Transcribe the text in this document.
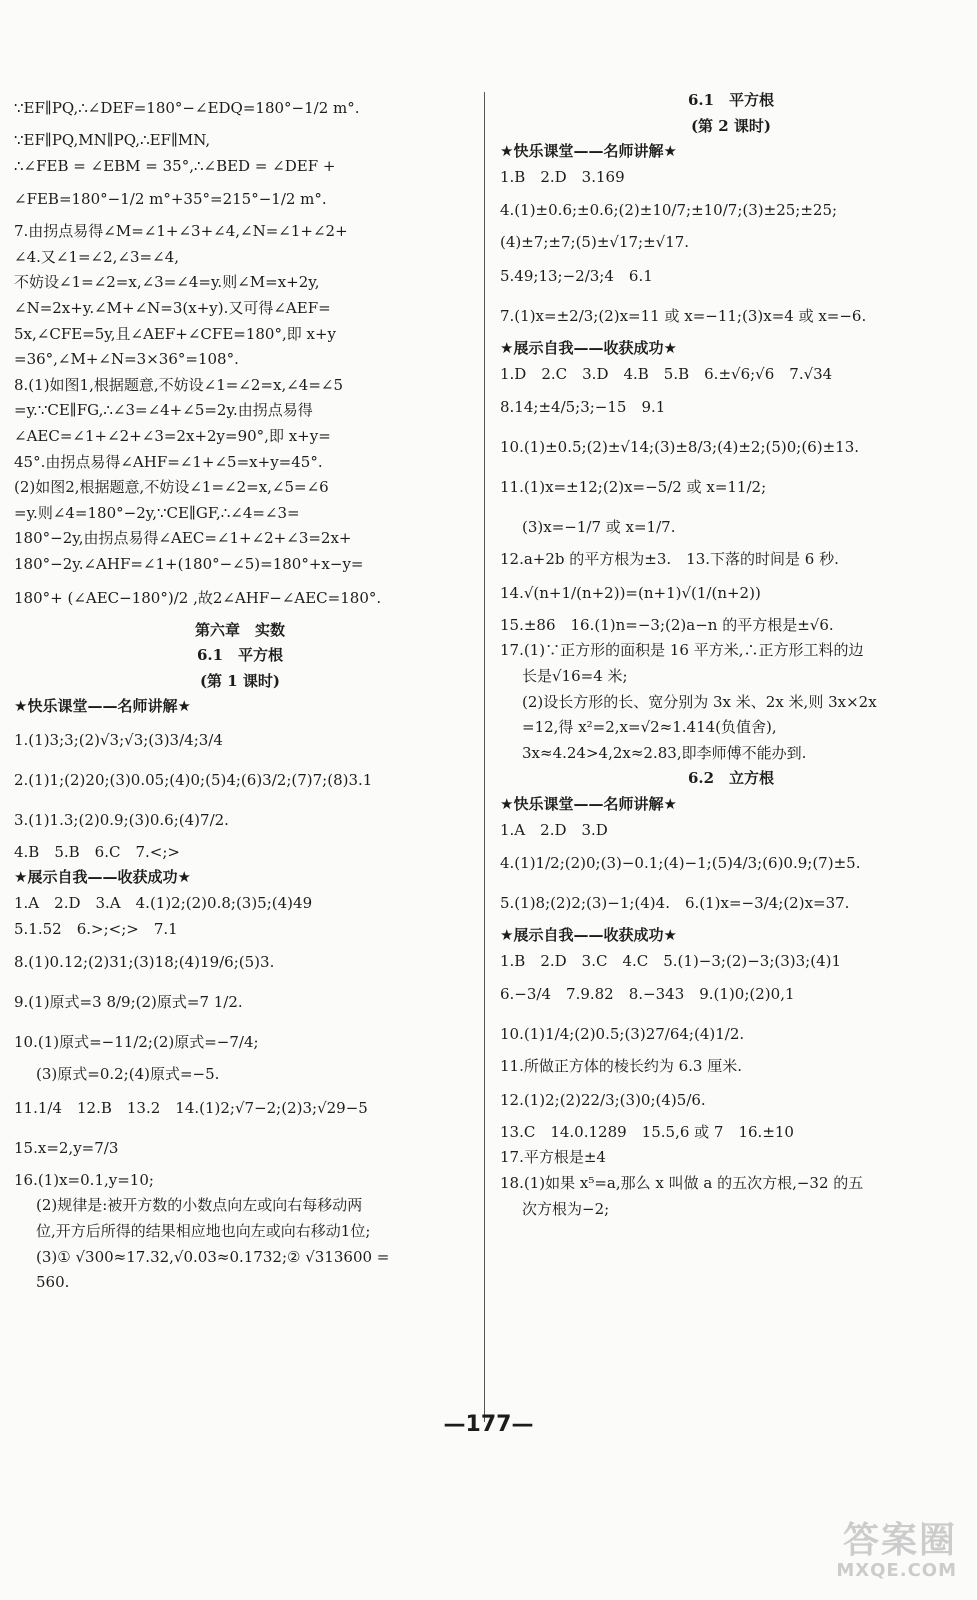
∵EF∥PQ,∴∠DEF=180°−∠EDQ=180°−1/2 m°.
∵EF∥PQ,MN∥PQ,∴EF∥MN,
∴∠FEB = ∠EBM = 35°,∴∠BED = ∠DEF +
∠FEB=180°−1/2 m°+35°=215°−1/2 m°.
7.由拐点易得∠M=∠1+∠3+∠4,∠N=∠1+∠2+
∠4.又∠1=∠2,∠3=∠4,
不妨设∠1=∠2=x,∠3=∠4=y.则∠M=x+2y,
∠N=2x+y.∠M+∠N=3(x+y).又可得∠AEF=
5x,∠CFE=5y,且∠AEF+∠CFE=180°,即 x+y
=36°,∠M+∠N=3×36°=108°.
8.(1)如图1,根据题意,不妨设∠1=∠2=x,∠4=∠5
=y.∵CE∥FG,∴∠3=∠4+∠5=2y.由拐点易得
∠AEC=∠1+∠2+∠3=2x+2y=90°,即 x+y=
45°.由拐点易得∠AHF=∠1+∠5=x+y=45°.
(2)如图2,根据题意,不妨设∠1=∠2=x,∠5=∠6
=y.则∠4=180°−2y,∵CE∥GF,∴∠4=∠3=
180°−2y,由拐点易得∠AEC=∠1+∠2+∠3=2x+
180°−2y.∠AHF=∠1+(180°−∠5)=180°+x−y=
180°+ (∠AEC−180°)/2 ,故2∠AHF−∠AEC=180°.
第六章　实数
6.1　平方根
(第 1 课时)
★快乐课堂——名师讲解★
1.(1)3;3;(2)√3;√3;(3)3/4;3/4
2.(1)1;(2)20;(3)0.05;(4)0;(5)4;(6)3/2;(7)7;(8)3.1
3.(1)1.3;(2)0.9;(3)0.6;(4)7/2.
4.B　5.B　6.C　7.<;>
★展示自我——收获成功★
1.A　2.D　3.A　4.(1)2;(2)0.8;(3)5;(4)49
5.1.52　6.>;<;>　7.1
8.(1)0.12;(2)31;(3)18;(4)19/6;(5)3.
9.(1)原式=3 8/9;(2)原式=7 1/2.
10.(1)原式=−11/2;(2)原式=−7/4;
(3)原式=0.2;(4)原式=−5.
11.1/4　12.B　13.2　14.(1)2;√7−2;(2)3;√29−5
15.x=2,y=7/3
16.(1)x=0.1,y=10;
(2)规律是:被开方数的小数点向左或向右每移动两
位,开方后所得的结果相应地也向左或向右移动1位;
(3)① √300≈17.32,√0.03≈0.1732;② √313600 =
560.
6.1　平方根
(第 2 课时)
★快乐课堂——名师讲解★
1.B　2.D　3.169
4.(1)±0.6;±0.6;(2)±10/7;±10/7;(3)±25;±25;
(4)±7;±7;(5)±√17;±√17.
5.49;13;−2/3;4　6.1
7.(1)x=±2/3;(2)x=11 或 x=−11;(3)x=4 或 x=−6.
★展示自我——收获成功★
1.D　2.C　3.D　4.B　5.B　6.±√6;√6　7.√34
8.14;±4/5;3;−15　9.1
10.(1)±0.5;(2)±√14;(3)±8/3;(4)±2;(5)0;(6)±13.
11.(1)x=±12;(2)x=−5/2 或 x=11/2;
(3)x=−1/7 或 x=1/7.
12.a+2b 的平方根为±3.　13.下落的时间是 6 秒.
14.√(n+1/(n+2))=(n+1)√(1/(n+2))
15.±86　16.(1)n=−3;(2)a−n 的平方根是±√6.
17.(1)∵正方形的面积是 16 平方米,∴正方形工料的边
长是√16=4 米;
(2)设长方形的长、宽分别为 3x 米、2x 米,则 3x×2x
=12,得 x²=2,x=√2≈1.414(负值舍),
3x≈4.24>4,2x≈2.83,即李师傅不能办到.
6.2　立方根
★快乐课堂——名师讲解★
1.A　2.D　3.D
4.(1)1/2;(2)0;(3)−0.1;(4)−1;(5)4/3;(6)0.9;(7)±5.
5.(1)8;(2)2;(3)−1;(4)4.　6.(1)x=−3/4;(2)x=37.
★展示自我——收获成功★
1.B　2.D　3.C　4.C　5.(1)−3;(2)−3;(3)3;(4)1
6.−3/4　7.9.82　8.−343　9.(1)0;(2)0,1
10.(1)1/4;(2)0.5;(3)27/64;(4)1/2.
11.所做正方体的棱长约为 6.3 厘米.
12.(1)2;(2)22/3;(3)0;(4)5/6.
13.C　14.0.1289　15.5,6 或 7　16.±10
17.平方根是±4
18.(1)如果 x⁵=a,那么 x 叫做 a 的五次方根,−32 的五
次方根为−2;
—177—
答案圈
MXQE.COM
